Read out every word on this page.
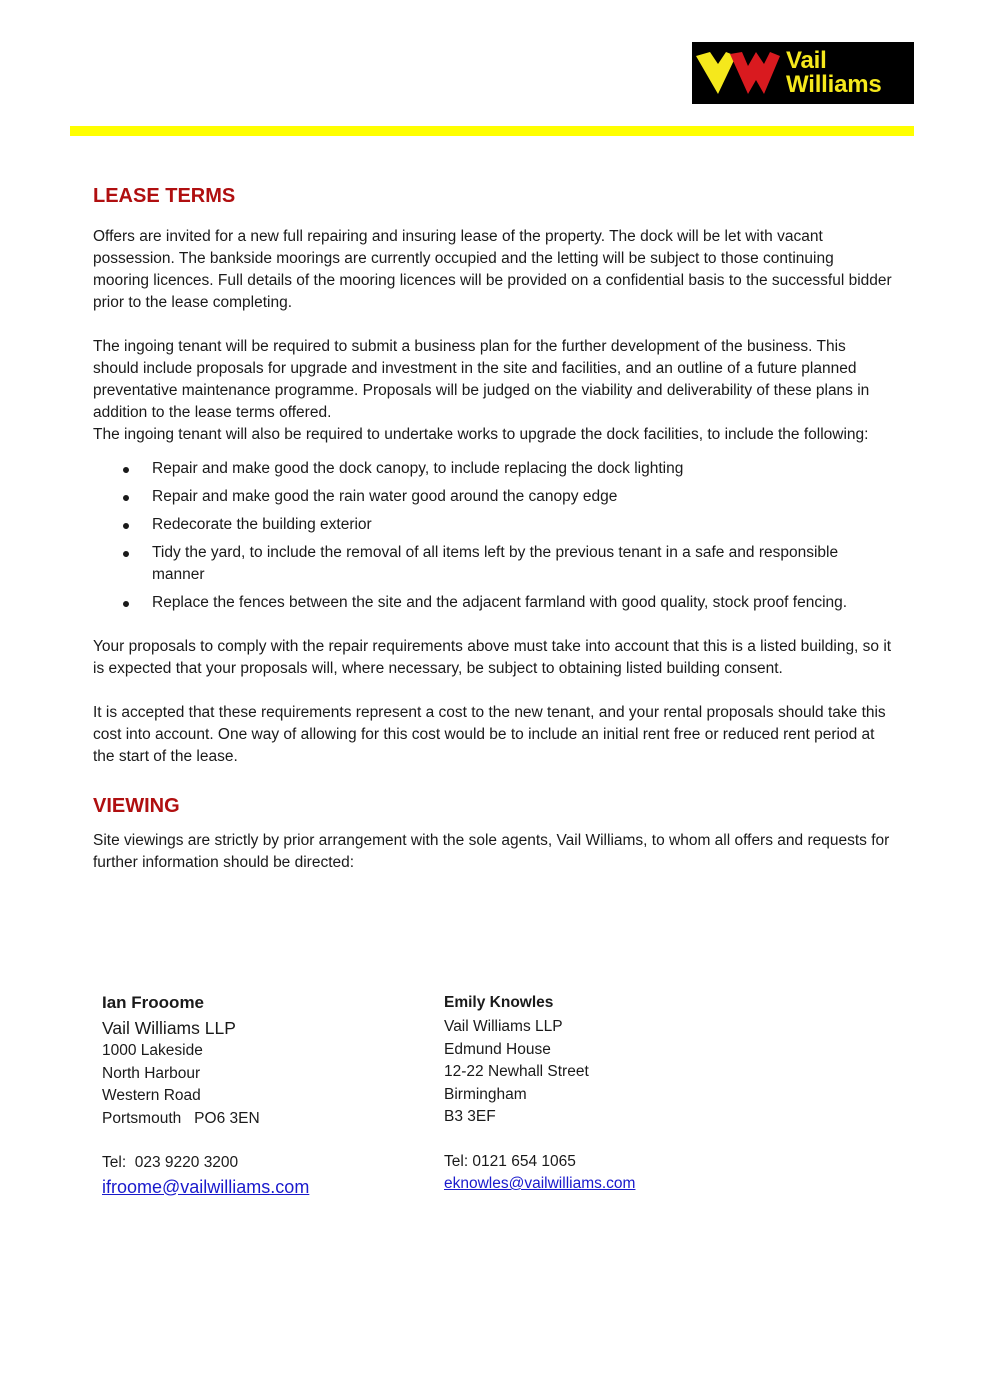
Vail
Williams
LEASE TERMS

Offers are invited for a new full repairing and insuring lease of the property. The dock will be let with vacant possession. The bankside moorings are currently occupied and the letting will be subject to those continuing mooring licences. Full details of the mooring licences will be provided on a confidential basis to the successful bidder prior to the lease completing.

The ingoing tenant will be required to submit a business plan for the further development of the business. This should include proposals for upgrade and investment in the site and facilities, and an outline of a future planned preventative maintenance programme. Proposals will be judged on the viability and deliverability of these plans in addition to the lease terms offered.

The ingoing tenant will also be required to undertake works to upgrade the dock facilities, to include the following:

Repair and make good the dock canopy, to include replacing the dock lighting
Repair and make good the rain water good around the canopy edge
Redecorate the building exterior
Tidy the yard, to include the removal of all items left by the previous tenant in a safe and responsible manner
Replace the fences between the site and the adjacent farmland with good quality, stock proof fencing.

Your proposals to comply with the repair requirements above must take into account that this is a listed building, so it is expected that your proposals will, where necessary, be subject to obtaining listed building consent.

It is accepted that these requirements represent a cost to the new tenant, and your rental proposals should take this cost into account. One way of allowing for this cost would be to include an initial rent free or reduced rent period at the start of the lease.

VIEWING

Site viewings are strictly by prior arrangement with the sole agents, Vail Williams, to whom all offers and requests for further information should be directed:

Ian Frooome
Vail Williams LLP
1000 Lakeside
North Harbour
Western Road
Portsmouth   PO6 3EN
Tel:  023 9220 3200
ifroome@vailwilliams.com
Emily Knowles
Vail Williams LLP
Edmund House
12-22 Newhall Street
Birmingham
B3 3EF
Tel: 0121 654 1065
eknowles@vailwilliams.com
